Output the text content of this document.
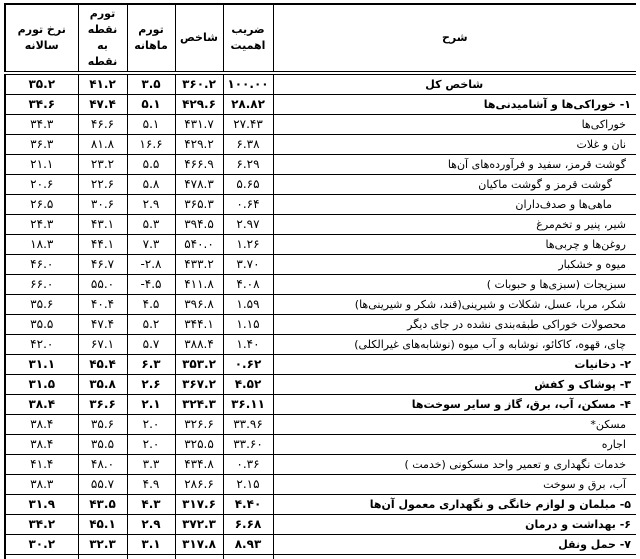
شرح	ضریب اهمیت	شاخص	تورم ماهانه	تورم نقطه به نقطه	نرخ تورم سالانه
شاخص کل	۱۰۰.۰۰	۳۶۰.۲	۳.۵	۴۱.۲	۳۵.۲
۱- خوراکی‌ها و آشامیدنی‌ها	۲۸.۸۲	۴۲۹.۶	۵.۱	۴۷.۴	۳۴.۶
خوراکی‌ها	۲۷.۴۳	۴۳۱.۷	۵.۱	۴۶.۶	۳۴.۳
نان و غلات	۶.۳۸	۴۲۹.۲	۱۶.۶	۸۱.۸	۳۶.۳
گوشت قرمز، سفید و فرآورده‌های آن‌ها	۶.۲۹	۴۶۶.۹	۵.۵	۲۳.۲	۲۱.۱
گوشت قرمز و گوشت ماکیان	۵.۶۵	۴۷۸.۳	۵.۸	۲۲.۶	۲۰.۶
ماهی‌ها و صدف‌داران	۰.۶۴	۳۶۵.۳	۲.۹	۳۰.۶	۲۶.۵
شیر، پنیر و تخم‌مرغ	۲.۹۷	۳۹۴.۵	۵.۳	۴۳.۱	۲۴.۳
روغن‌ها و چربی‌ها	۱.۲۶	۵۴۰.۰	۷.۳	۴۴.۱	۱۸.۳
میوه و خشکبار	۳.۷۰	۴۳۳.۲	-۲.۸	۴۶.۷	۴۶.۰
سبزیجات (سبزی‌ها و حبوبات )	۴.۰۸	۴۱۱.۸	-۴.۵	۵۵.۰	۶۶.۰
شکر، مربا، عسل، شکلات و شیرینی(قند، شکر و شیرینی‌ها)	۱.۵۹	۳۹۶.۸	۴.۵	۴۰.۴	۳۵.۶
محصولات خوراکی طبقه‌بندی نشده در جای دیگر	۱.۱۵	۳۴۴.۱	۵.۲	۴۷.۴	۳۵.۵
چای، قهوه، کاکائو، نوشابه و آب میوه (نوشابه‌های غیرالکلی)	۱.۴۰	۳۸۸.۴	۵.۷	۶۷.۱	۴۲.۰
۲- دخانیات	۰.۶۲	۳۵۳.۲	۶.۳	۴۵.۴	۳۱.۱
۳- پوشاک و کفش	۴.۵۲	۳۶۷.۲	۲.۶	۳۵.۸	۳۱.۵
۴- مسکن، آب، برق، گاز و سایر سوخت‌ها	۳۶.۱۱	۳۲۴.۳	۲.۱	۳۶.۶	۳۸.۴
مسکن*	۳۳.۹۶	۳۲۶.۶	۲.۰	۳۵.۶	۳۸.۴
اجاره	۳۳.۶۰	۳۲۵.۵	۲.۰	۳۵.۵	۳۸.۴
خدمات نگهداری و تعمیر واحد مسکونی (خدمت )	۰.۳۶	۴۳۴.۸	۳.۳	۴۸.۰	۴۱.۴
آب، برق و سوخت	۲.۱۵	۲۸۶.۶	۴.۹	۵۵.۷	۳۸.۳
۵- مبلمان و لوازم خانگی و نگهداری معمول آن‌ها	۴.۴۰	۳۱۷.۶	۴.۳	۴۳.۵	۳۱.۹
۶- بهداشت و درمان	۶.۶۸	۳۷۲.۳	۲.۹	۴۵.۱	۳۴.۲
۷- حمل ونقل	۸.۹۳	۳۱۷.۸	۳.۱	۳۲.۳	۳۰.۲
